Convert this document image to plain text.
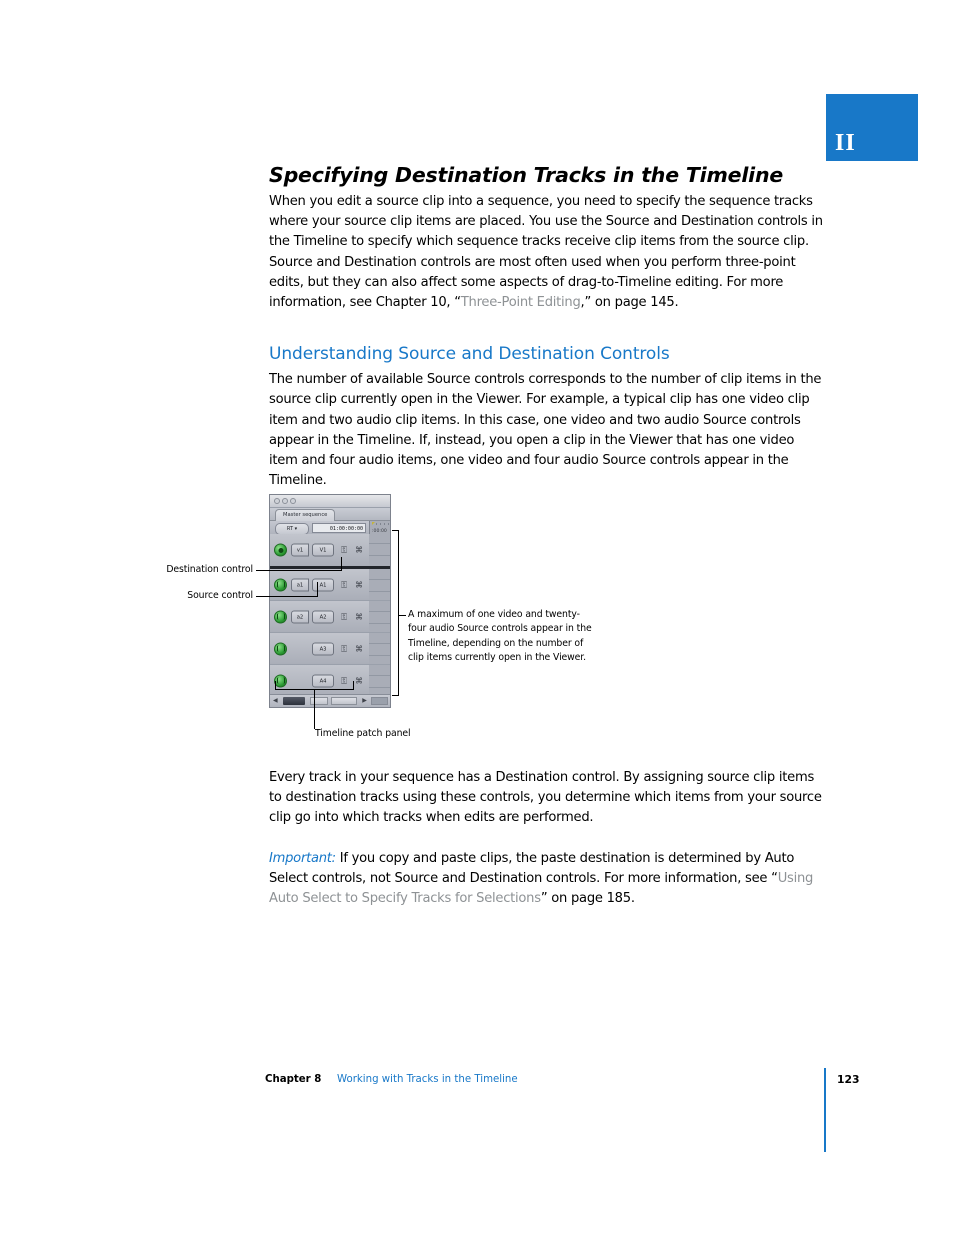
II
Specifying Destination Tracks in the Timeline

When you edit a source clip into a sequence, you need to specify the sequence tracks where your source clip items are placed. You use the Source and Destination controls in the Timeline to specify which sequence tracks receive clip items from the source clip. Source and Destination controls are most often used when you perform three-point edits, but they can also affect some aspects of drag-to-Timeline editing. For more information, see Chapter 10, “Three-Point Editing,” on page 145.

Understanding Source and Destination Controls

The number of available Source controls corresponds to the number of clip items in the source clip currently open in the Viewer. For example, a typical clip has one video clip item and two audio clip items. In this case, one video and two audio Source controls appear in the Timeline. If, instead, you open a clip in the Viewer that has one video item and four audio items, one video and four audio Source controls appear in the Timeline.

Master sequence
RT ▾	01:00:00:00	:00:00
v1	V1	⚿ ⌘
a1	A1	⚿ ⌘
a2	A2	⚿ ⌘
A3	⚿ ⌘
A4	⚿ ⌘
◀	▶
Destination control
Source control
A maximum of one video and twenty-four audio Source controls appear in the Timeline, depending on the number of clip items currently open in the Viewer.
Timeline patch panel

Every track in your sequence has a Destination control. By assigning source clip items to destination tracks using these controls, you determine which items from your source clip go into which tracks when edits are performed.

Important: If you copy and paste clips, the paste destination is determined by Auto Select controls, not Source and Destination controls. For more information, see “Using Auto Select to Specify Tracks for Selections” on page 185.

Chapter 8 Working with Tracks in the Timeline	123
